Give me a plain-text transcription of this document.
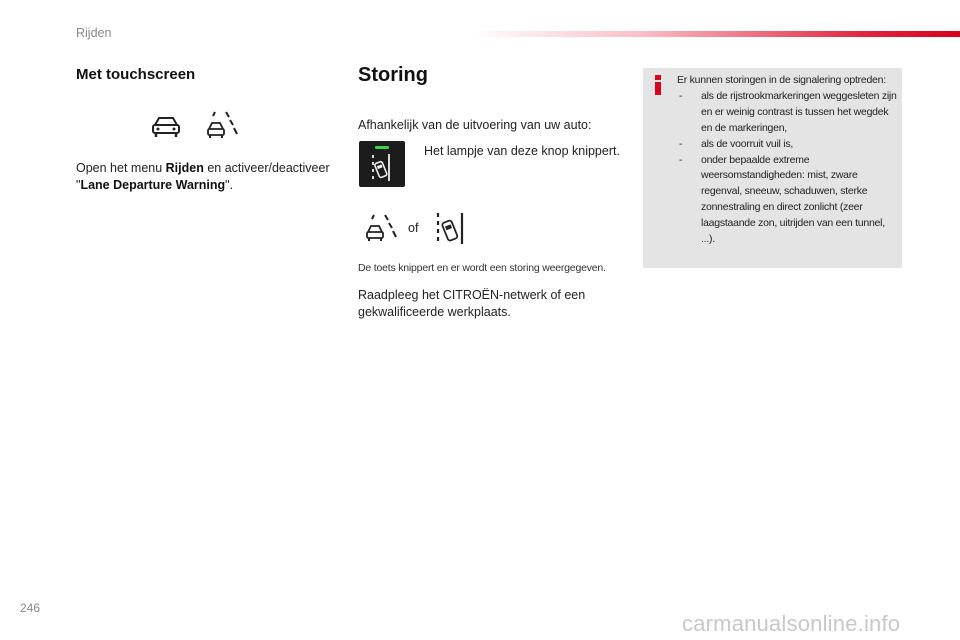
Rijden
Met touchscreen
Open het menu Rijden en activeer/deactiveer
"Lane Departure Warning".
Storing
Afhankelijk van de uitvoering van uw auto:
Het lampje van deze knop knippert.
of
De toets knippert en er wordt een storing weergegeven.
Raadpleeg het CITROËN-netwerk of een gekwalificeerde werkplaats.
Er kunnen storingen in de signalering optreden:
- als de rijstrookmarkeringen weggesleten zijn en er weinig contrast is tussen het wegdek en de markeringen,
- als de voorruit vuil is,
- onder bepaalde extreme weersomstandigheden: mist, zware regenval, sneeuw, schaduwen, sterke zonnestraling en direct zonlicht (zeer laagstaande zon, uitrijden van een tunnel, ...).
246
carmanualsonline.info
